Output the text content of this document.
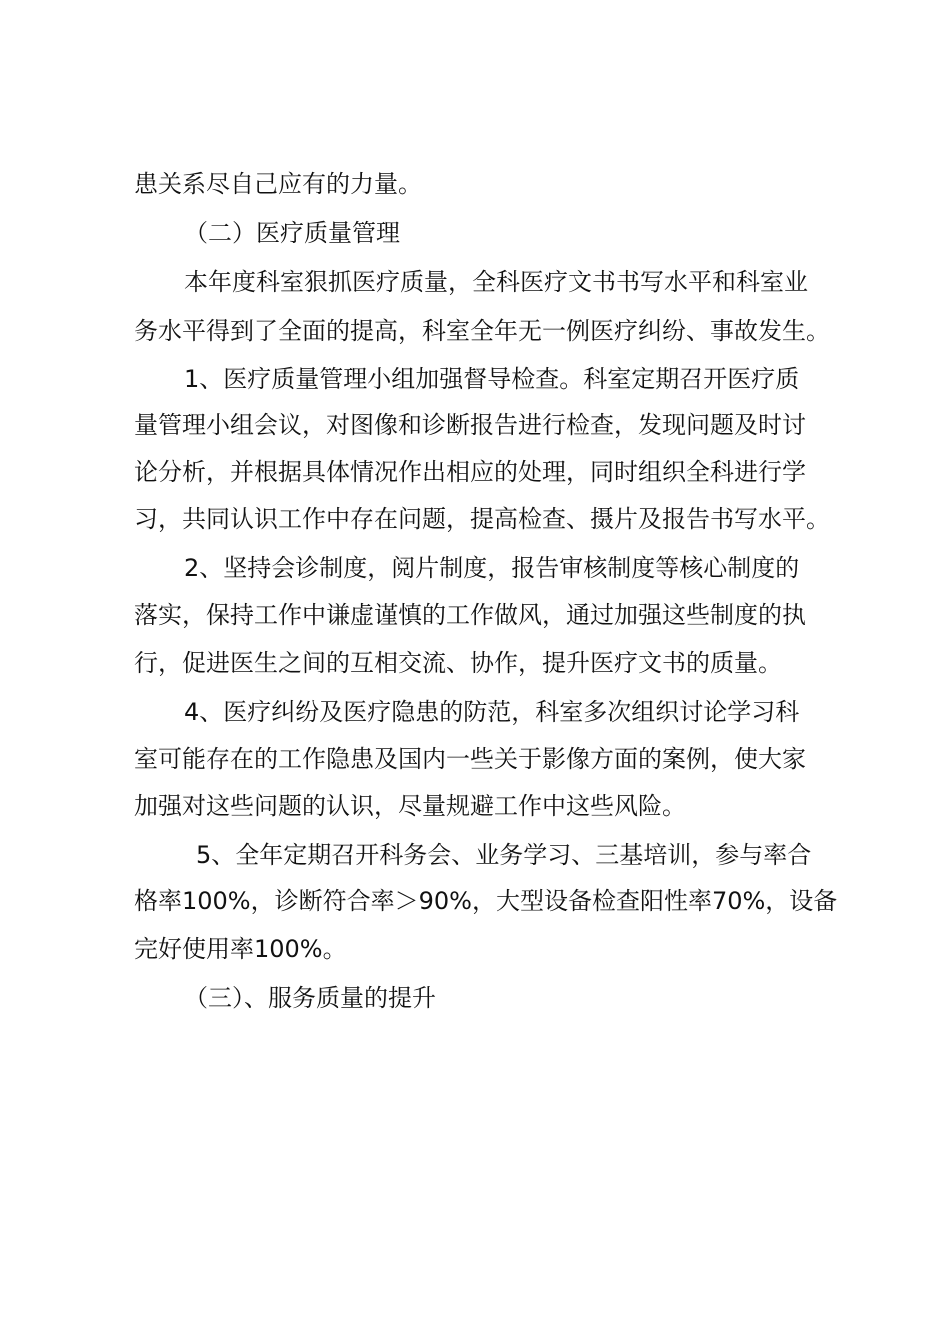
患关系尽自己应有的力量。

（二）医疗质量管理

本年度科室狠抓医疗质量，全科医疗文书书写水平和科室业

务水平得到了全面的提高，科室全年无一例医疗纠纷、事故发生。

1、医疗质量管理小组加强督导检查。科室定期召开医疗质

量管理小组会议，对图像和诊断报告进行检查，发现问题及时讨

论分析，并根据具体情况作出相应的处理，同时组织全科进行学

习，共同认识工作中存在问题，提高检查、摄片及报告书写水平。

2、坚持会诊制度，阅片制度，报告审核制度等核心制度的

落实，保持工作中谦虚谨慎的工作做风，通过加强这些制度的执

行，促进医生之间的互相交流、协作，提升医疗文书的质量。

4、医疗纠纷及医疗隐患的防范，科室多次组织讨论学习科

室可能存在的工作隐患及国内一些关于影像方面的案例，使大家

加强对这些问题的认识，尽量规避工作中这些风险。

5、全年定期召开科务会、业务学习、三基培训，参与率合

格率100%，诊断符合率＞90%，大型设备检查阳性率70%，设备

完好使用率100%。

（三）、服务质量的提升
